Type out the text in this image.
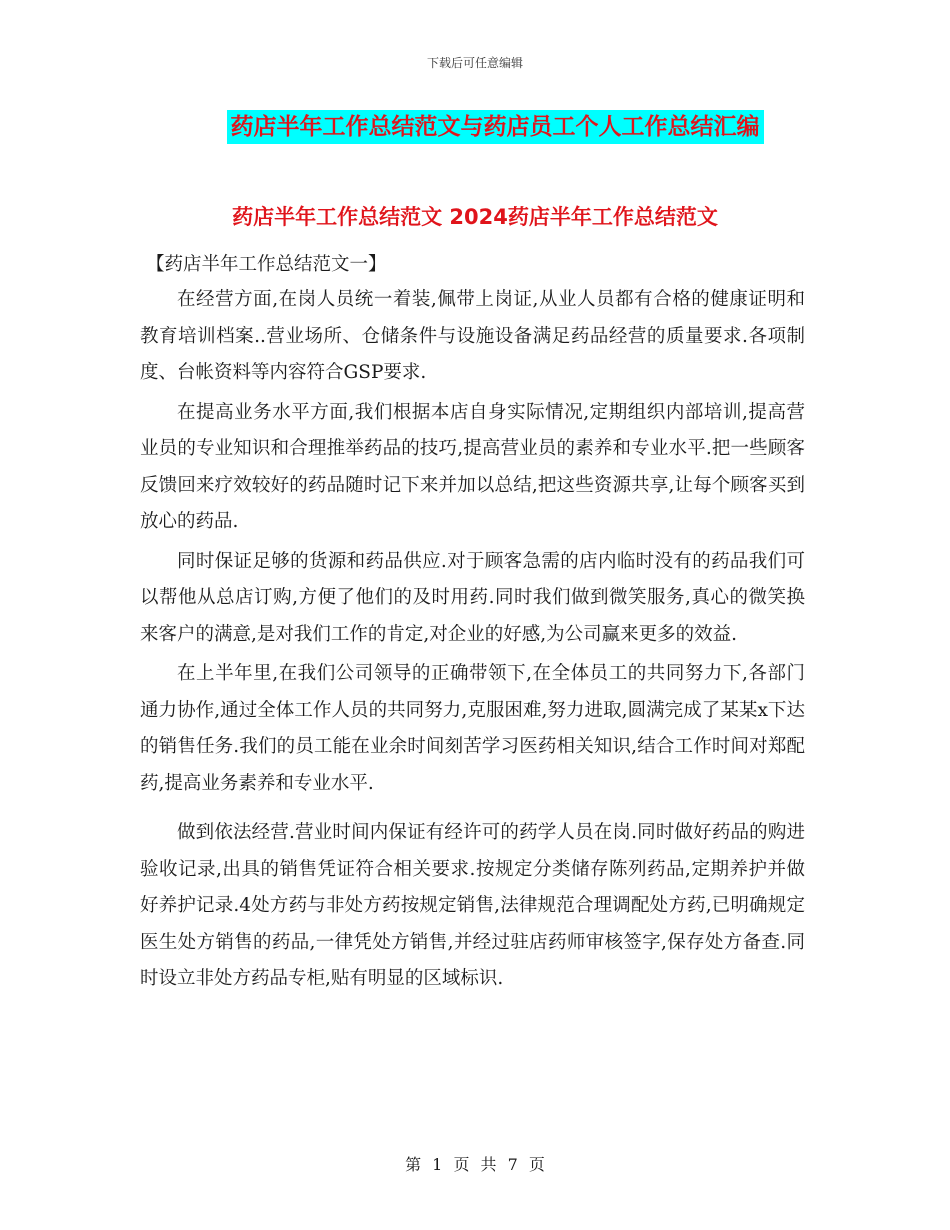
下载后可任意编辑
药店半年工作总结范文与药店员工个人工作总结汇编
药店半年工作总结范文 2024药店半年工作总结范文
【药店半年工作总结范文一】

在经营方面,在岗人员统一着装,佩带上岗证,从业人员都有合格的健康证明和教育培训档案..营业场所、仓储条件与设施设备满足药品经营的质量要求.各项制度、台帐资料等内容符合GSP要求.

在提高业务水平方面,我们根据本店自身实际情况,定期组织内部培训,提高营业员的专业知识和合理推举药品的技巧,提高营业员的素养和专业水平.把一些顾客反馈回来疗效较好的药品随时记下来并加以总结,把这些资源共享,让每个顾客买到放心的药品.

同时保证足够的货源和药品供应.对于顾客急需的店内临时没有的药品我们可以帮他从总店订购,方便了他们的及时用药.同时我们做到微笑服务,真心的微笑换来客户的满意,是对我们工作的肯定,对企业的好感,为公司赢来更多的效益.

在上半年里,在我们公司领导的正确带领下,在全体员工的共同努力下,各部门通力协作,通过全体工作人员的共同努力,克服困难,努力进取,圆满完成了某某x下达的销售任务.我们的员工能在业余时间刻苦学习医药相关知识,结合工作时间对郑配药,提高业务素养和专业水平.

做到依法经营.营业时间内保证有经许可的药学人员在岗.同时做好药品的购进验收记录,出具的销售凭证符合相关要求.按规定分类储存陈列药品,定期养护并做好养护记录.4处方药与非处方药按规定销售,法律规范合理调配处方药,已明确规定医生处方销售的药品,一律凭处方销售,并经过驻店药师审核签字,保存处方备查.同时设立非处方药品专柜,贴有明显的区域标识.

第 1 页 共 7 页
